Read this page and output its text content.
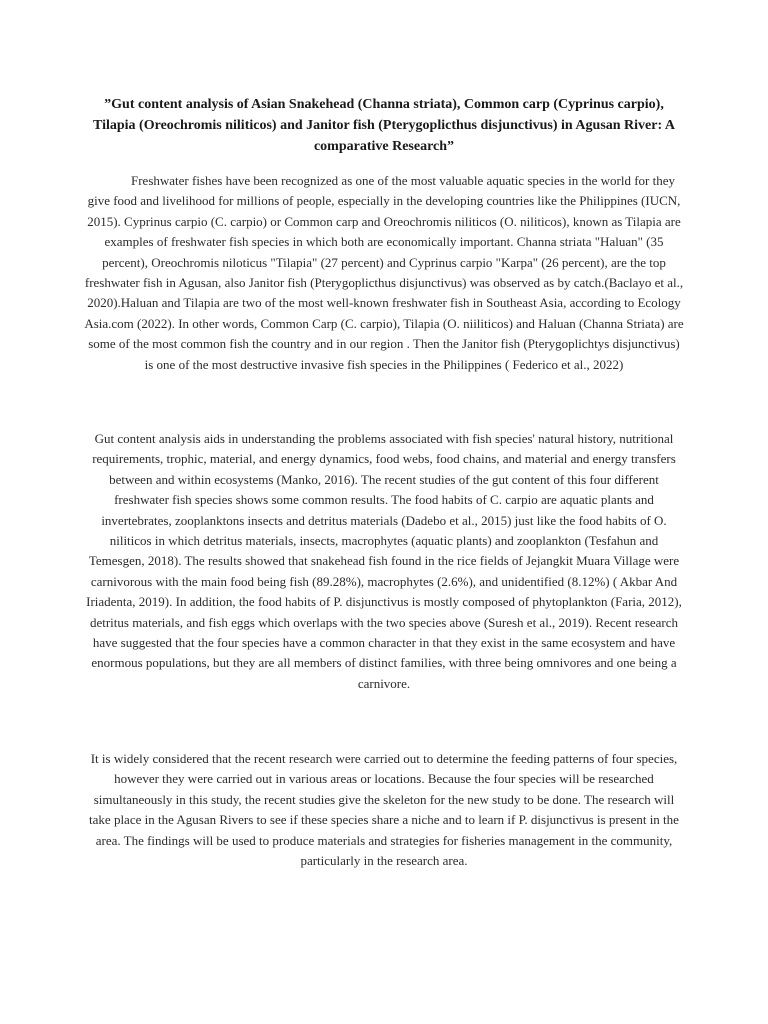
”Gut content analysis of Asian Snakehead (Channa striata), Common carp (Cyprinus carpio), Tilapia (Oreochromis niliticos) and Janitor fish (Pterygoplicthus disjunctivus) in Agusan River: A comparative Research”

Freshwater fishes have been recognized as one of the most valuable aquatic species in the world for they give food and livelihood for millions of people, especially in the developing countries like the Philippines (IUCN, 2015). Cyprinus carpio (C. carpio) or Common carp and Oreochromis niliticos (O. niliticos), known as Tilapia are examples of freshwater fish species in which both are economically important. Channa striata "Haluan" (35 percent), Oreochromis niloticus "Tilapia" (27 percent) and Cyprinus carpio "Karpa" (26 percent), are the top freshwater fish in Agusan, also Janitor fish (Pterygoplicthus disjunctivus) was observed as by catch.(Baclayo et al., 2020).Haluan and Tilapia are two of the most well-known freshwater fish in Southeast Asia, according to Ecology Asia.com (2022). In other words, Common Carp (C. carpio), Tilapia (O. niiliticos) and Haluan (Channa Striata) are some of the most common fish the country and in our region . Then the Janitor fish (Pterygoplichtys disjunctivus) is one of the most destructive invasive fish species in the Philippines ( Federico et al., 2022)

Gut content analysis aids in understanding the problems associated with fish species' natural history, nutritional requirements, trophic, material, and energy dynamics, food webs, food chains, and material and energy transfers between and within ecosystems (Manko, 2016). The recent studies of the gut content of this four different freshwater fish species shows some common results. The food habits of C. carpio are aquatic plants and invertebrates, zooplanktons insects and detritus materials (Dadebo et al., 2015) just like the food habits of O. niliticos in which detritus materials, insects, macrophytes (aquatic plants) and zooplankton (Tesfahun and Temesgen, 2018). The results showed that snakehead fish found in the rice fields of Jejangkit Muara Village were carnivorous with the main food being fish (89.28%), macrophytes (2.6%), and unidentified (8.12%) ( Akbar And Iriadenta, 2019). In addition, the food habits of P. disjunctivus is mostly composed of phytoplankton (Faria, 2012), detritus materials, and fish eggs which overlaps with the two species above (Suresh et al., 2019). Recent research have suggested that the four species have a common character in that they exist in the same ecosystem and have enormous populations, but they are all members of distinct families, with three being omnivores and one being a carnivore.

It is widely considered that the recent research were carried out to determine the feeding patterns of four species, however they were carried out in various areas or locations. Because the four species will be researched simultaneously in this study, the recent studies give the skeleton for the new study to be done. The research will take place in the Agusan Rivers to see if these species share a niche and to learn if P. disjunctivus is present in the area. The findings will be used to produce materials and strategies for fisheries management in the community, particularly in the research area.
